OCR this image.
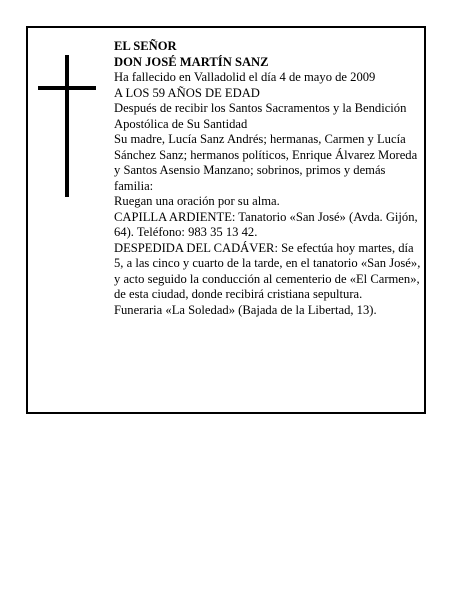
EL SEÑOR

DON JOSÉ MARTÍN SANZ

Ha fallecido en Valladolid el día 4 de mayo de 2009

A LOS 59 AÑOS DE EDAD

Después de recibir los Santos Sacramentos y la Bendición Apostólica de Su Santidad

Su madre, Lucía Sanz Andrés; hermanas, Carmen y Lucía Sánchez Sanz; hermanos políticos, Enrique Álvarez Moreda y Santos Asensio Manzano; sobrinos, primos y demás familia:

Ruegan una oración por su alma.

CAPILLA ARDIENTE: Tanatorio «San José» (Avda. Gijón, 64). Teléfono: 983 35 13 42.

DESPEDIDA DEL CADÁVER: Se efectúa hoy martes, día 5, a las cinco y cuarto de la tarde, en el tanatorio «San José», y acto seguido la conducción al cementerio de «El Carmen», de esta ciudad, donde recibirá cristiana sepultura.

Funeraria «La Soledad» (Bajada de la Libertad, 13).
